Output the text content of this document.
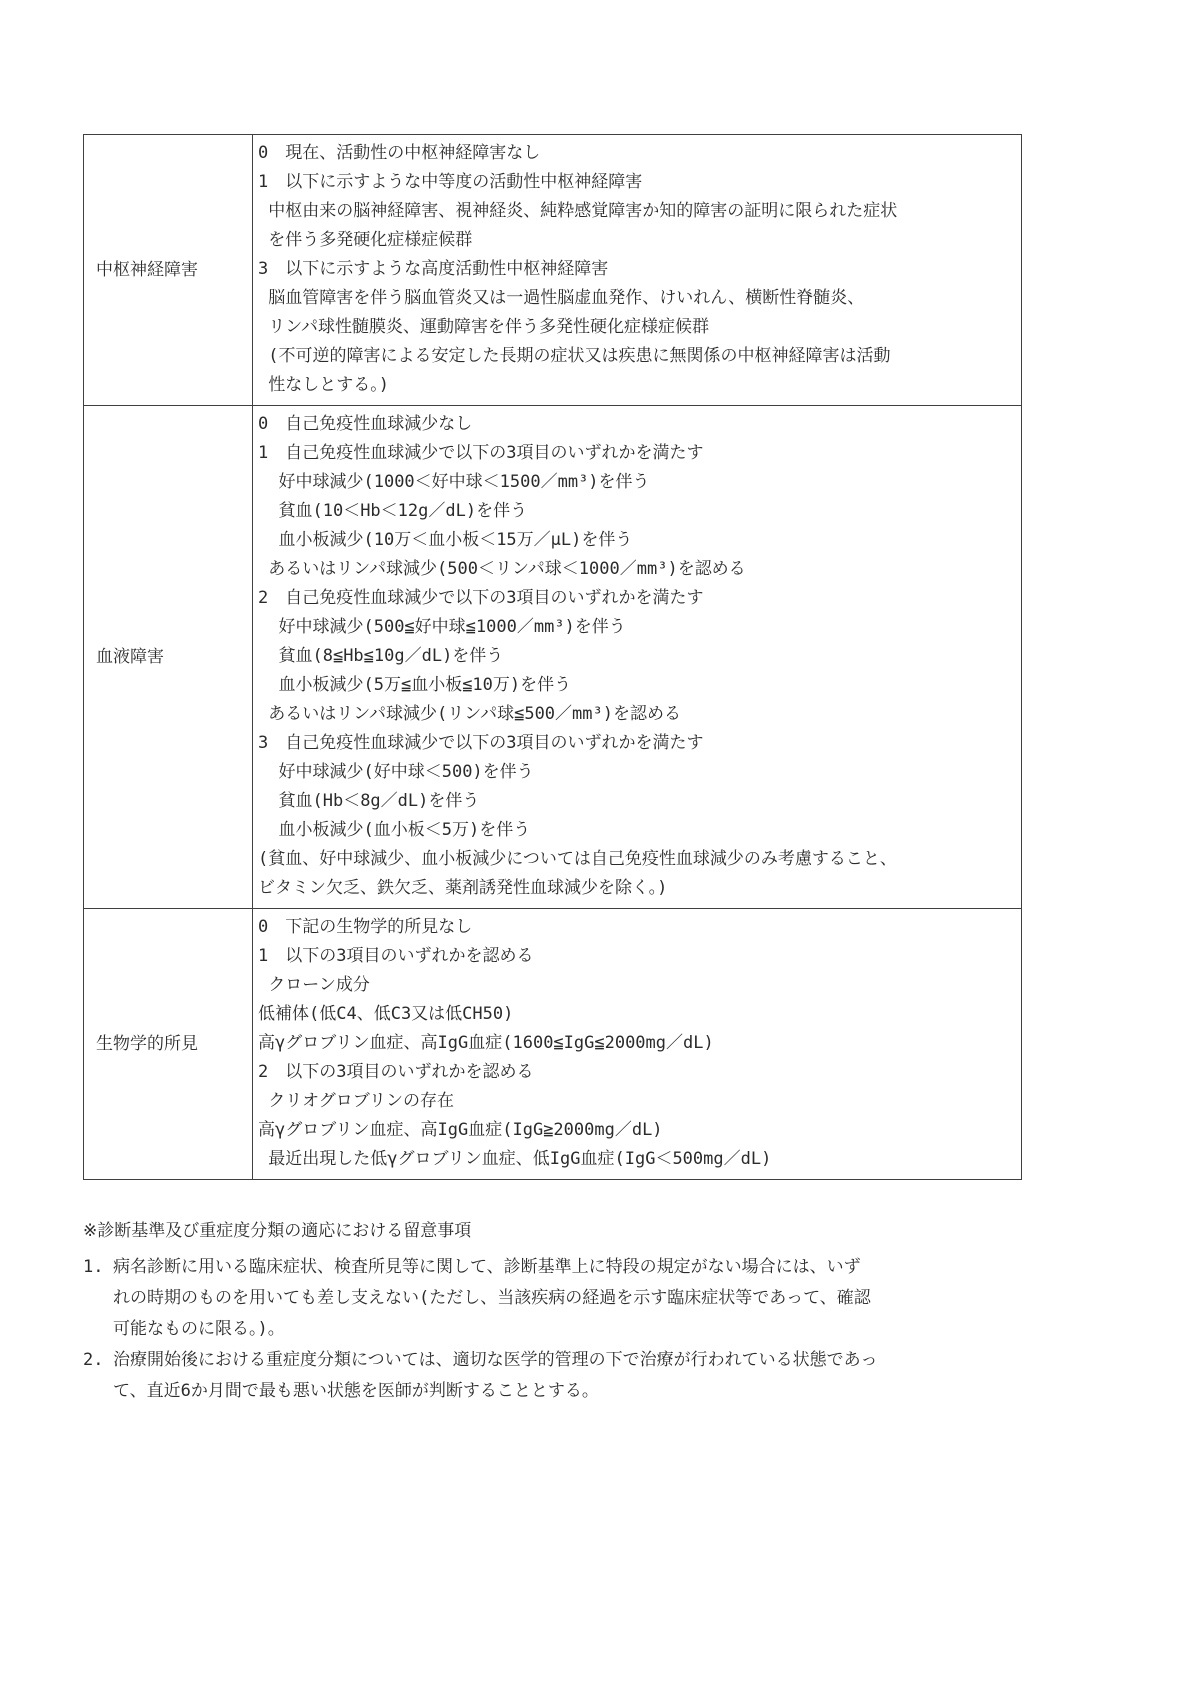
中枢神経障害	
0　現在、活動性の中枢神経障害なし
1　以下に示すような中等度の活動性中枢神経障害
中枢由来の脳神経障害、視神経炎、純粋感覚障害か知的障害の証明に限られた症状
を伴う多発硬化症様症候群
3　以下に示すような高度活動性中枢神経障害
脳血管障害を伴う脳血管炎又は一過性脳虚血発作、けいれん、横断性脊髄炎、
リンパ球性髄膜炎、運動障害を伴う多発性硬化症様症候群
(不可逆的障害による安定した長期の症状又は疾患に無関係の中枢神経障害は活動
性なしとする。)

血液障害	
0　自己免疫性血球減少なし
1　自己免疫性血球減少で以下の3項目のいずれかを満たす
好中球減少(1000＜好中球＜1500／mm³)を伴う
貧血(10＜Hb＜12g／dL)を伴う
血小板減少(10万＜血小板＜15万／μL)を伴う
あるいはリンパ球減少(500＜リンパ球＜1000／mm³)を認める
2　自己免疫性血球減少で以下の3項目のいずれかを満たす
好中球減少(500≦好中球≦1000／mm³)を伴う
貧血(8≦Hb≦10g／dL)を伴う
血小板減少(5万≦血小板≦10万)を伴う
あるいはリンパ球減少(リンパ球≦500／mm³)を認める
3　自己免疫性血球減少で以下の3項目のいずれかを満たす
好中球減少(好中球＜500)を伴う
貧血(Hb＜8g／dL)を伴う
血小板減少(血小板＜5万)を伴う
(貧血、好中球減少、血小板減少については自己免疫性血球減少のみ考慮すること、
ビタミン欠乏、鉄欠乏、薬剤誘発性血球減少を除く。)

生物学的所見	
0　下記の生物学的所見なし
1　以下の3項目のいずれかを認める
クローン成分
低補体(低C4、低C3又は低CH50)
高γグロブリン血症、高IgG血症(1600≦IgG≦2000mg／dL)
2　以下の3項目のいずれかを認める
クリオグロブリンの存在
高γグロブリン血症、高IgG血症(IgG≧2000mg／dL)
最近出現した低γグロブリン血症、低IgG血症(IgG＜500mg／dL)
※診断基準及び重症度分類の適応における留意事項
1. 病名診断に用いる臨床症状、検査所見等に関して、診断基準上に特段の規定がない場合には、いず
れの時期のものを用いても差し支えない(ただし、当該疾病の経過を示す臨床症状等であって、確認
可能なものに限る。)。
2. 治療開始後における重症度分類については、適切な医学的管理の下で治療が行われている状態であっ
て、直近6か月間で最も悪い状態を医師が判断することとする。
